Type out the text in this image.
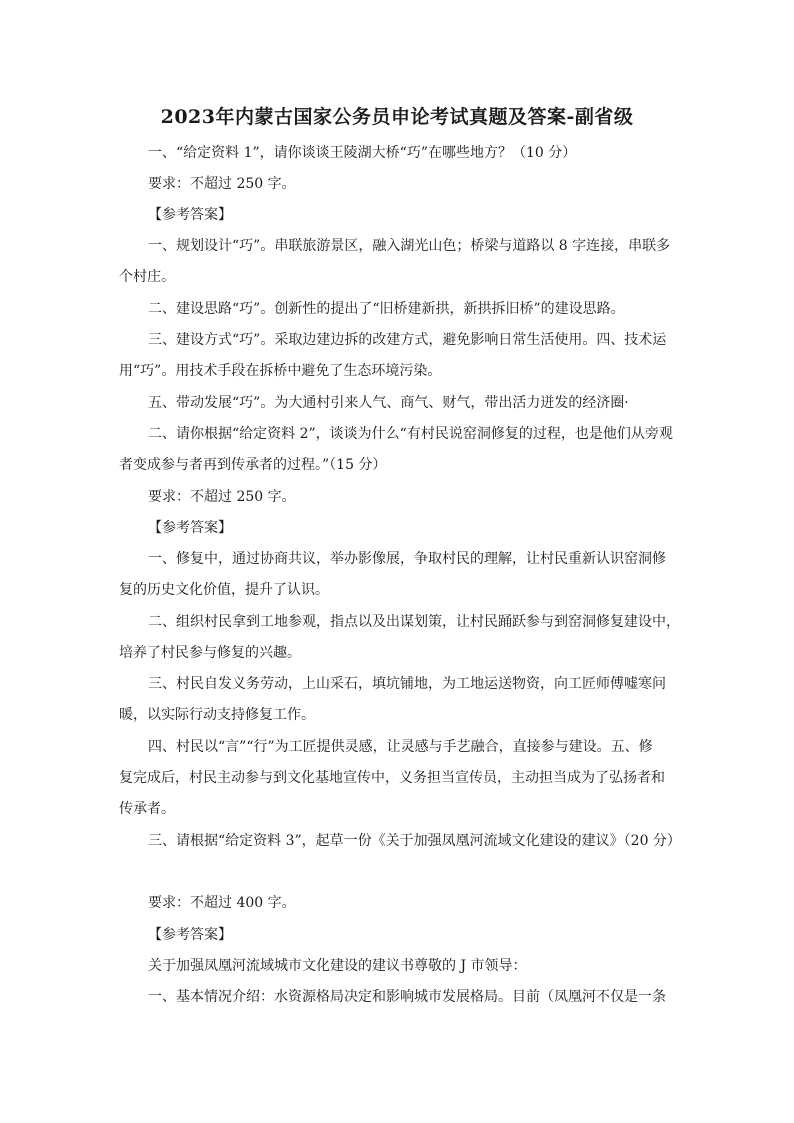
2023年内蒙古国家公务员申论考试真题及答案-副省级
一、“给定资料 1”，请你谈谈王陵湖大桥“巧”在哪些地方？（10 分）
要求：不超过 250 字。
【参考答案】
一、规划设计“巧”。串联旅游景区，融入湖光山色；桥梁与道路以 8 字连接，串联多
个村庄。
二、建设思路“巧”。创新性的提出了“旧桥建新拱，新拱拆旧桥”的建设思路。
三、建设方式“巧”。采取边建边拆的改建方式，避免影响日常生活使用。四、技术运
用“巧”。用技术手段在拆桥中避免了生态环境污染。
五、带动发展“巧”。为大通村引来人气、商气、财气，带出活力迸发的经济圈·
二、请你根据“给定资料 2”，谈谈为什么“有村民说窑洞修复的过程，也是他们从旁观
者变成参与者再到传承者的过程。”（15 分）
要求：不超过 250 字。
【参考答案】
一、修复中，通过协商共议，举办影像展，争取村民的理解，让村民重新认识窑洞修
复的历史文化价值，提升了认识。
二、组织村民拿到工地参观，指点以及出谋划策，让村民踊跃参与到窑洞修复建设中，
培养了村民参与修复的兴趣。
三、村民自发义务劳动，上山采石，填坑铺地，为工地运送物资，向工匠师傅嘘寒问
暖，以实际行动支持修复工作。
四、村民以“言”“行”为工匠提供灵感，让灵感与手艺融合，直接参与建设。五、修
复完成后，村民主动参与到文化基地宣传中，义务担当宣传员，主动担当成为了弘扬者和
传承者。
三、请根据“给定资料 3”，起草一份《关于加强凤凰河流域文化建设的建议》（20 分）
要求：不超过 400 字。
【参考答案】
关于加强凤凰河流域城市文化建设的建议书尊敬的 J 市领导：
一、基本情况介绍：水资源格局决定和影响城市发展格局。目前（凤凰河不仅是一条
